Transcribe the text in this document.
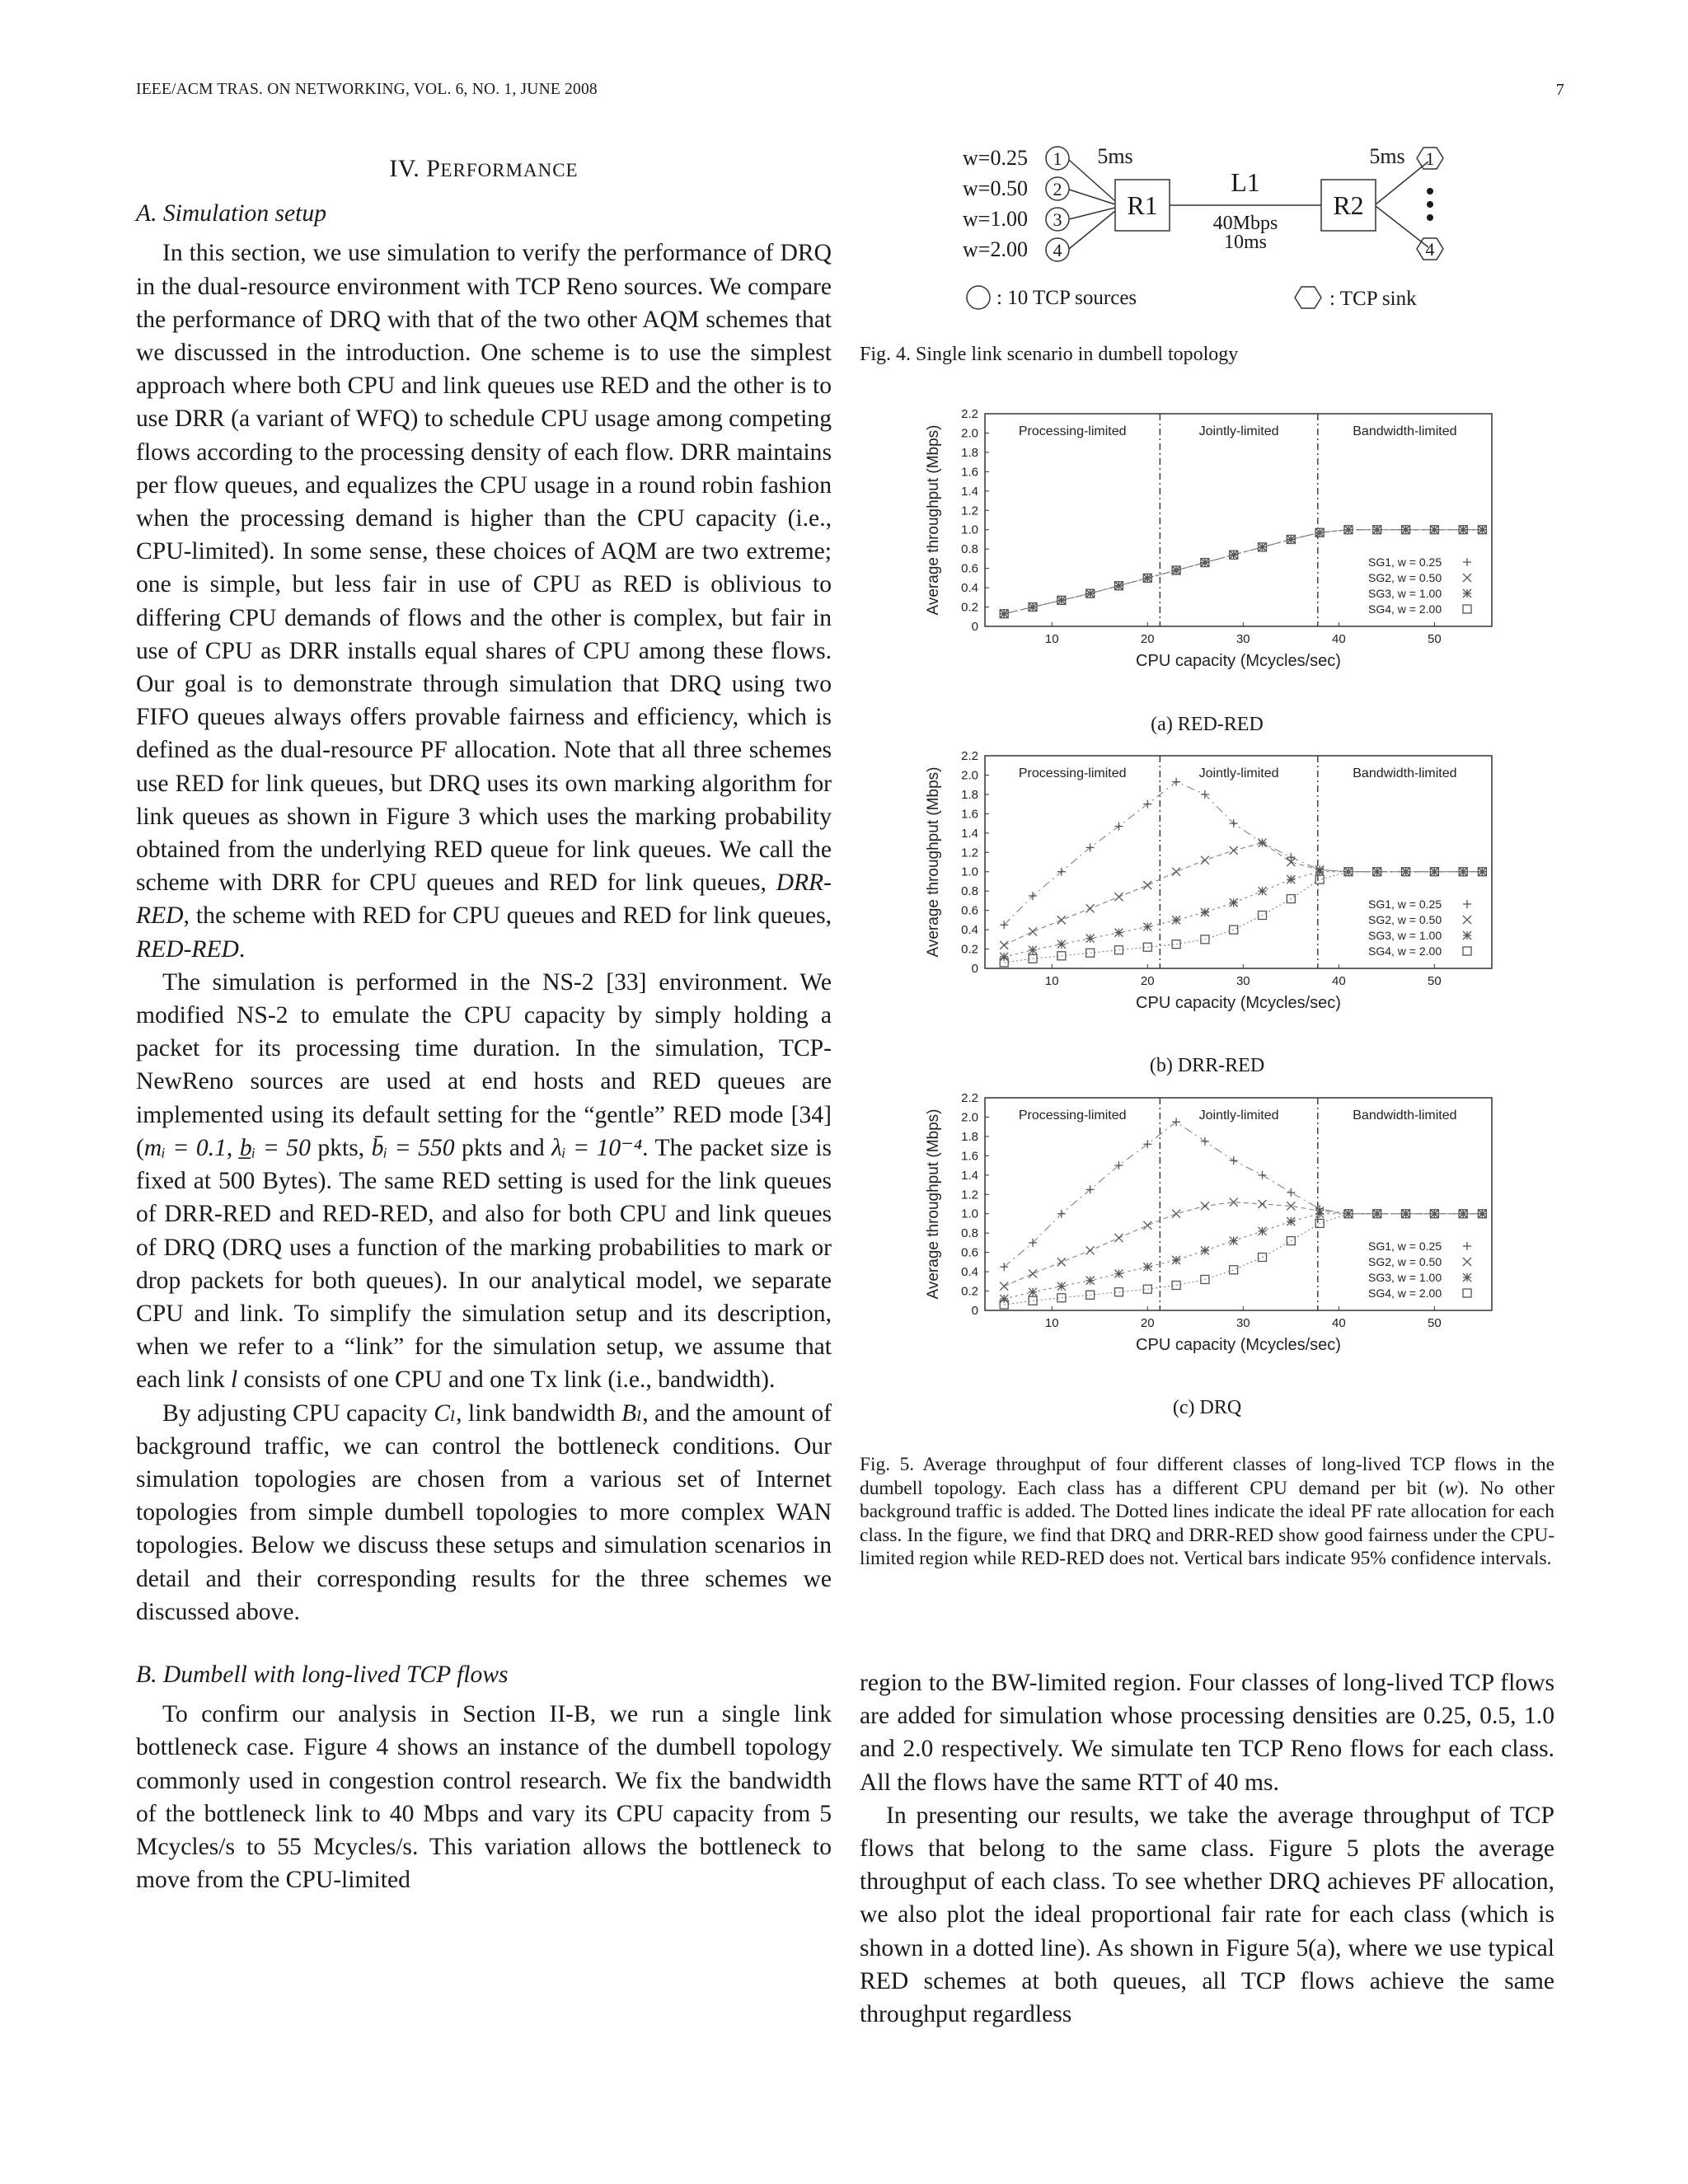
IEEE/ACM TRAS. ON NETWORKING, VOL. 6, NO. 1, JUNE 2008	7
IV. PERFORMANCE
A. Simulation setup

In this section, we use simulation to verify the performance of DRQ in the dual-resource environment with TCP Reno sources. We compare the performance of DRQ with that of the two other AQM schemes that we discussed in the introduction. One scheme is to use the simplest approach where both CPU and link queues use RED and the other is to use DRR (a variant of WFQ) to schedule CPU usage among competing flows according to the processing density of each flow. DRR maintains per flow queues, and equalizes the CPU usage in a round robin fashion when the processing demand is higher than the CPU capacity (i.e., CPU-limited). In some sense, these choices of AQM are two extreme; one is simple, but less fair in use of CPU as RED is oblivious to differing CPU demands of flows and the other is complex, but fair in use of CPU as DRR installs equal shares of CPU among these flows. Our goal is to demonstrate through simulation that DRQ using two FIFO queues always offers provable fairness and efficiency, which is defined as the dual-resource PF allocation. Note that all three schemes use RED for link queues, but DRQ uses its own marking algorithm for link queues as shown in Figure 3 which uses the marking probability obtained from the underlying RED queue for link queues. We call the scheme with DRR for CPU queues and RED for link queues, DRR-RED, the scheme with RED for CPU queues and RED for link queues, RED-RED.

The simulation is performed in the NS-2 [33] environment. We modified NS-2 to emulate the CPU capacity by simply holding a packet for its processing time duration. In the simulation, TCP-NewReno sources are used at end hosts and RED queues are implemented using its default setting for the “gentle” RED mode [34] (mᵢ = 0.1, b̲ᵢ = 50 pkts, b̄ᵢ = 550 pkts and λᵢ = 10⁻⁴. The packet size is fixed at 500 Bytes). The same RED setting is used for the link queues of DRR-RED and RED-RED, and also for both CPU and link queues of DRQ (DRQ uses a function of the marking probabilities to mark or drop packets for both queues). In our analytical model, we separate CPU and link. To simplify the simulation setup and its description, when we refer to a “link” for the simulation setup, we assume that each link l consists of one CPU and one Tx link (i.e., bandwidth).

By adjusting CPU capacity Cₗ, link bandwidth Bₗ, and the amount of background traffic, we can control the bottleneck conditions. Our simulation topologies are chosen from a various set of Internet topologies from simple dumbell topologies to more complex WAN topologies. Below we discuss these setups and simulation scenarios in detail and their corresponding results for the three schemes we discussed above.

B. Dumbell with long-lived TCP flows

To confirm our analysis in Section II-B, we run a single link bottleneck case. Figure 4 shows an instance of the dumbell topology commonly used in congestion control research. We fix the bandwidth of the bottleneck link to 40 Mbps and vary its CPU capacity from 5 Mcycles/s to 55 Mcycles/s. This variation allows the bottleneck to move from the CPU-limited

w=0.25
w=0.50
w=1.00
w=2.00
1
2
3
4
1
4
5ms	5ms
R1	R2
L1
40Mbps
10ms
: 10 TCP sources	: TCP sink
Fig. 4. Single link scenario in dumbell topology
0
0.2
0.4
0.6
0.8
1.0
1.2
1.4
1.6
1.8
2.0
2.2
10	20	30	40	50
CPU capacity (Mcycles/sec)
Average throughput (Mbps)	Processing-limited	Jointly-limited	Bandwidth-limited
SG1, w = 0.25
SG2, w = 0.50
SG3, w = 1.00
SG4, w = 2.00
(a) RED-RED
0
0.2
0.4
0.6
0.8
1.0
1.2
1.4
1.6
1.8
2.0
2.2
10	20	30	40	50
CPU capacity (Mcycles/sec)
Average throughput (Mbps)	Processing-limited	Jointly-limited	Bandwidth-limited
SG1, w = 0.25
SG2, w = 0.50
SG3, w = 1.00
SG4, w = 2.00
(b) DRR-RED
0
0.2
0.4
0.6
0.8
1.0
1.2
1.4
1.6
1.8
2.0
2.2
10	20	30	40	50
CPU capacity (Mcycles/sec)
Average throughput (Mbps)	Processing-limited	Jointly-limited	Bandwidth-limited
SG1, w = 0.25
SG2, w = 0.50
SG3, w = 1.00
SG4, w = 2.00
(c) DRQ
Fig. 5. Average throughput of four different classes of long-lived TCP flows in the dumbell topology. Each class has a different CPU demand per bit (w). No other background traffic is added. The Dotted lines indicate the ideal PF rate allocation for each class. In the figure, we find that DRQ and DRR-RED show good fairness under the CPU-limited region while RED-RED does not. Vertical bars indicate 95% confidence intervals.

region to the BW-limited region. Four classes of long-lived TCP flows are added for simulation whose processing densities are 0.25, 0.5, 1.0 and 2.0 respectively. We simulate ten TCP Reno flows for each class. All the flows have the same RTT of 40 ms.

In presenting our results, we take the average throughput of TCP flows that belong to the same class. Figure 5 plots the average throughput of each class. To see whether DRQ achieves PF allocation, we also plot the ideal proportional fair rate for each class (which is shown in a dotted line). As shown in Figure 5(a), where we use typical RED schemes at both queues, all TCP flows achieve the same throughput regardless
